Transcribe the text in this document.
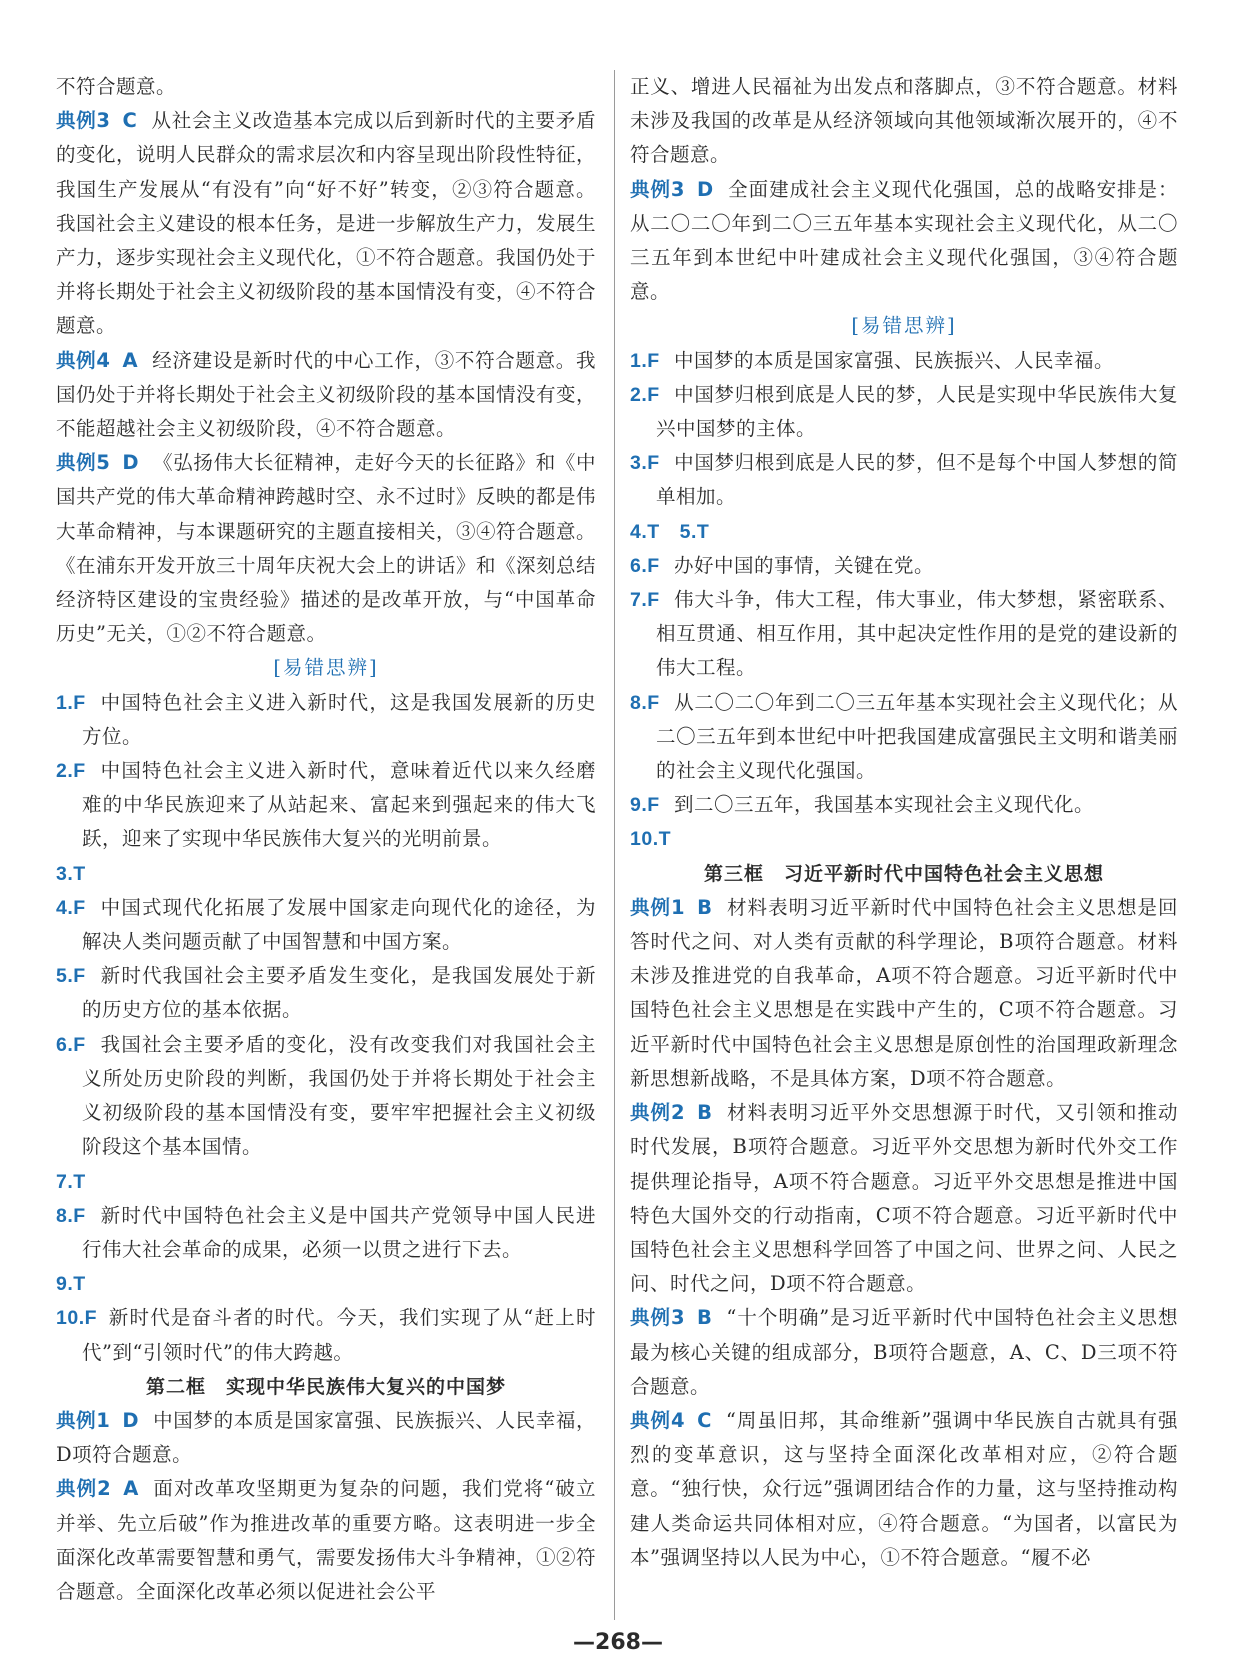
不符合题意。

典例3 C 从社会主义改造基本完成以后到新时代的主要矛盾的变化，说明人民群众的需求层次和内容呈现出阶段性特征，我国生产发展从“有没有”向“好不好”转变，②③符合题意。我国社会主义建设的根本任务，是进一步解放生产力，发展生产力，逐步实现社会主义现代化，①不符合题意。我国仍处于并将长期处于社会主义初级阶段的基本国情没有变，④不符合题意。

典例4 A 经济建设是新时代的中心工作，③不符合题意。我国仍处于并将长期处于社会主义初级阶段的基本国情没有变，不能超越社会主义初级阶段，④不符合题意。

典例5 D 《弘扬伟大长征精神，走好今天的长征路》和《中国共产党的伟大革命精神跨越时空、永不过时》反映的都是伟大革命精神，与本课题研究的主题直接相关，③④符合题意。《在浦东开发开放三十周年庆祝大会上的讲话》和《深刻总结经济特区建设的宝贵经验》描述的是改革开放，与“中国革命历史”无关，①②不符合题意。

[易错思辨]

1.F 中国特色社会主义进入新时代，这是我国发展新的历史方位。

2.F 中国特色社会主义进入新时代，意味着近代以来久经磨难的中华民族迎来了从站起来、富起来到强起来的伟大飞跃，迎来了实现中华民族伟大复兴的光明前景。

3.T

4.F 中国式现代化拓展了发展中国家走向现代化的途径，为解决人类问题贡献了中国智慧和中国方案。

5.F 新时代我国社会主要矛盾发生变化，是我国发展处于新的历史方位的基本依据。

6.F 我国社会主要矛盾的变化，没有改变我们对我国社会主义所处历史阶段的判断，我国仍处于并将长期处于社会主义初级阶段的基本国情没有变，要牢牢把握社会主义初级阶段这个基本国情。

7.T

8.F 新时代中国特色社会主义是中国共产党领导中国人民进行伟大社会革命的成果，必须一以贯之进行下去。

9.T

10.F 新时代是奋斗者的时代。今天，我们实现了从“赶上时代”到“引领时代”的伟大跨越。

第二框　实现中华民族伟大复兴的中国梦

典例1 D 中国梦的本质是国家富强、民族振兴、人民幸福，D项符合题意。

典例2 A 面对改革攻坚期更为复杂的问题，我们党将“破立并举、先立后破”作为推进改革的重要方略。这表明进一步全面深化改革需要智慧和勇气，需要发扬伟大斗争精神，①②符合题意。全面深化改革必须以促进社会公平

正义、增进人民福祉为出发点和落脚点，③不符合题意。材料未涉及我国的改革是从经济领域向其他领域渐次展开的，④不符合题意。

典例3 D 全面建成社会主义现代化强国，总的战略安排是：从二〇二〇年到二〇三五年基本实现社会主义现代化，从二〇三五年到本世纪中叶建成社会主义现代化强国，③④符合题意。

[易错思辨]

1.F 中国梦的本质是国家富强、民族振兴、人民幸福。

2.F 中国梦归根到底是人民的梦，人民是实现中华民族伟大复兴中国梦的主体。

3.F 中国梦归根到底是人民的梦，但不是每个中国人梦想的简单相加。

4.T　5.T

6.F 办好中国的事情，关键在党。

7.F 伟大斗争，伟大工程，伟大事业，伟大梦想，紧密联系、相互贯通、相互作用，其中起决定性作用的是党的建设新的伟大工程。

8.F 从二〇二〇年到二〇三五年基本实现社会主义现代化；从二〇三五年到本世纪中叶把我国建成富强民主文明和谐美丽的社会主义现代化强国。

9.F 到二〇三五年，我国基本实现社会主义现代化。

10.T

第三框　习近平新时代中国特色社会主义思想

典例1 B 材料表明习近平新时代中国特色社会主义思想是回答时代之问、对人类有贡献的科学理论，B项符合题意。材料未涉及推进党的自我革命，A项不符合题意。习近平新时代中国特色社会主义思想是在实践中产生的，C项不符合题意。习近平新时代中国特色社会主义思想是原创性的治国理政新理念新思想新战略，不是具体方案，D项不符合题意。

典例2 B 材料表明习近平外交思想源于时代，又引领和推动时代发展，B项符合题意。习近平外交思想为新时代外交工作提供理论指导，A项不符合题意。习近平外交思想是推进中国特色大国外交的行动指南，C项不符合题意。习近平新时代中国特色社会主义思想科学回答了中国之问、世界之问、人民之问、时代之问，D项不符合题意。

典例3 B “十个明确”是习近平新时代中国特色社会主义思想最为核心关键的组成部分，B项符合题意，A、C、D三项不符合题意。

典例4 C “周虽旧邦，其命维新”强调中华民族自古就具有强烈的变革意识，这与坚持全面深化改革相对应，②符合题意。“独行快，众行远”强调团结合作的力量，这与坚持推动构建人类命运共同体相对应，④符合题意。“为国者，以富民为本”强调坚持以人民为中心，①不符合题意。“履不必

—268—
